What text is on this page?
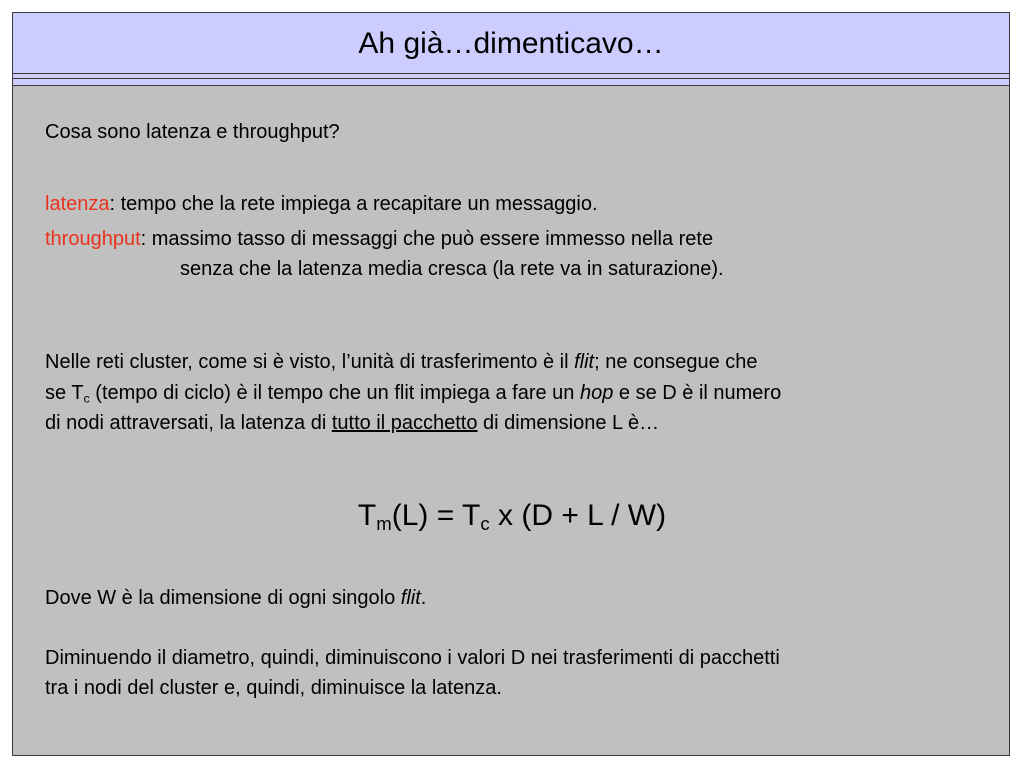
Ah già…dimenticavo…
Cosa sono latenza e throughput?
latenza: tempo che la rete impiega a recapitare un messaggio.
throughput: massimo tasso di messaggi che può essere immesso nella rete
senza che la latenza media cresca (la rete va in saturazione).
Nelle reti cluster, come si è visto, l’unità di trasferimento è il flit; ne consegue che
se $T_c$ (tempo di ciclo) è il tempo che un flit impiega a fare un hop e se D è il numero
di nodi attraversati, la latenza di tutto il pacchetto di dimensione L è…
$T_m(L) = T_c$ x (D + L / W)
Dove W è la dimensione di ogni singolo flit.
Diminuendo il diametro, quindi, diminuiscono i valori D nei trasferimenti di pacchetti
tra i nodi del cluster e, quindi, diminuisce la latenza.
